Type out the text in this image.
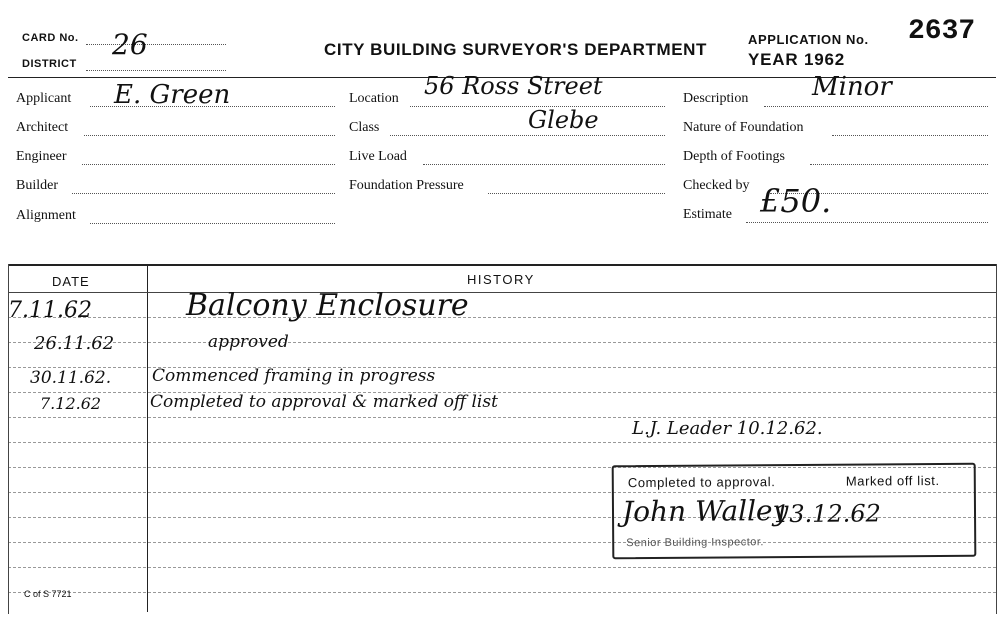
CARD No. 26
DISTRICT
CITY BUILDING SURVEYOR'S DEPARTMENT
APPLICATION No. 2637
YEAR 1962
Applicant E. Green
Architect
Engineer
Builder
Alignment
Location 56 Ross Street
Class	Glebe
Live Load
Foundation Pressure
Description Minor
Nature of Foundation
Depth of Footings
Checked by
Estimate £50.
DATE	HISTORY
7.11.62	Balcony Enclosure
26.11.62	approved
30.11.62. Commenced framing in progress
7.12.62	Completed to approval & marked off list
L.J. Leader 10.12.62.
Completed to approval.	Marked off list.
John Walley
13.12.62
Senior Building Inspector.
C of S 7721
